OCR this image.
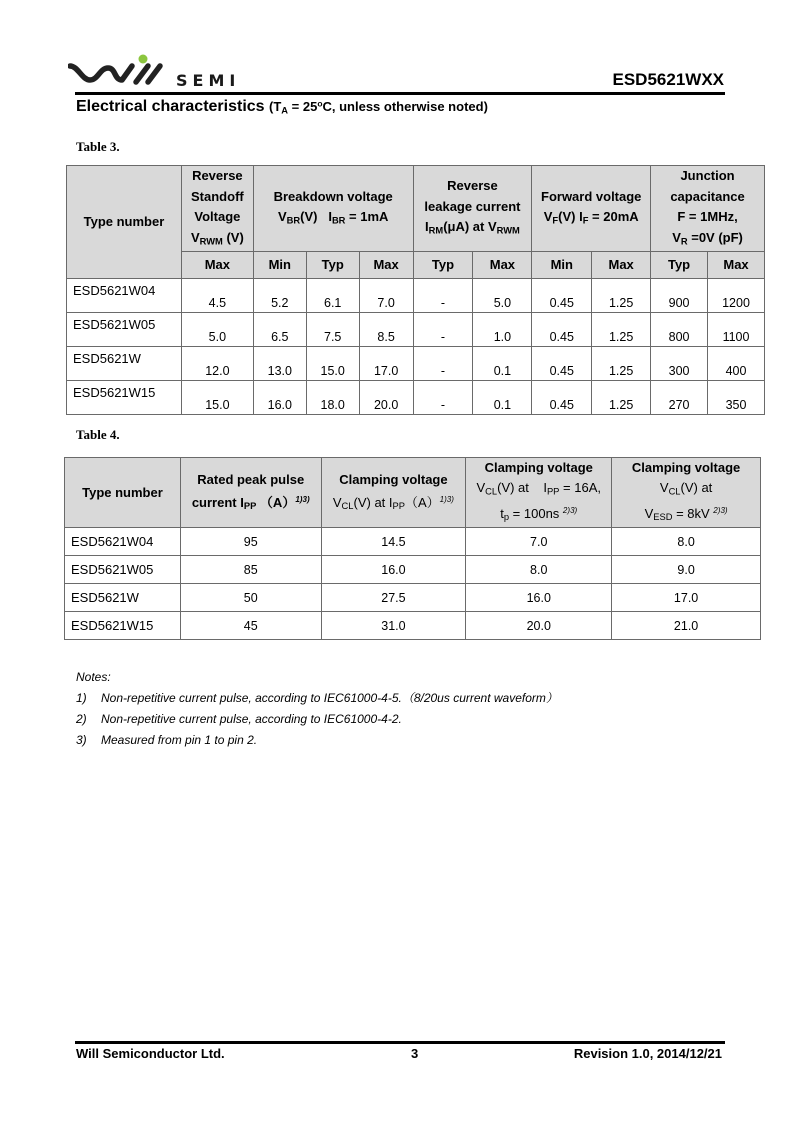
SEMI	ESD5621WXX
Electrical characteristics ($T_A = 25^oC$, unless otherwise noted)
Table 3.
Type number	
Reverse
Standoff
Voltage
$V_{RWM}$ (V)

Breakdown voltage
$V_{BR}(V) I_{BR} = 1mA$

Reverse
leakage current
$I_{RM}(\mu A)$ at $V_{RWM}$

Forward voltage
$V_F(V) I_F = 20mA$

Junction
capacitance
F = 1MHz,
$V_R =0V$ (pF)

	Max	Min	Typ	Max	Typ	Max	Min	Max	Typ	Max
ESD5621W04	4.5	5.2	6.1	7.0	-	5.0	0.45	1.25	900	1200
ESD5621W05	5.0	6.5	7.5	8.5	-	1.0	0.45	1.25	800	1100
ESD5621W	12.0	13.0	15.0	17.0	-	0.1	0.45	1.25	300	400
ESD5621W15	15.0	16.0	18.0	20.0	-	0.1	0.45	1.25	270	350
Table 4.
Type number	
Rated peak pulse
current $I_{PP}$ $(A)^{1)3)}$

Clamping voltage
$V_{CL}(V)$ at $I_{PP}(A)^{1)3)}$

Clamping voltage
$V_{CL}(V)$ at    $I_{PP} = 16A$,
$t_p = 100ns$ $^{2)3)}$

Clamping voltage
$V_{CL}(V)$ at
$V_{ESD} = 8kV$ $^{2)3)}$

ESD5621W04	95	14.5	7.0	8.0
ESD5621W05	85	16.0	8.0	9.0
ESD5621W	50	27.5	16.0	17.0
ESD5621W15	45	31.0	20.0	21.0
Notes:
1)	Non-repetitive current pulse, according to IEC61000-4-5.（8/20us current waveform）
2)	Non-repetitive current pulse, according to IEC61000-4-2.
3)	Measured from pin 1 to pin 2.
Will Semiconductor Ltd.	3	Revision 1.0, 2014/12/21
